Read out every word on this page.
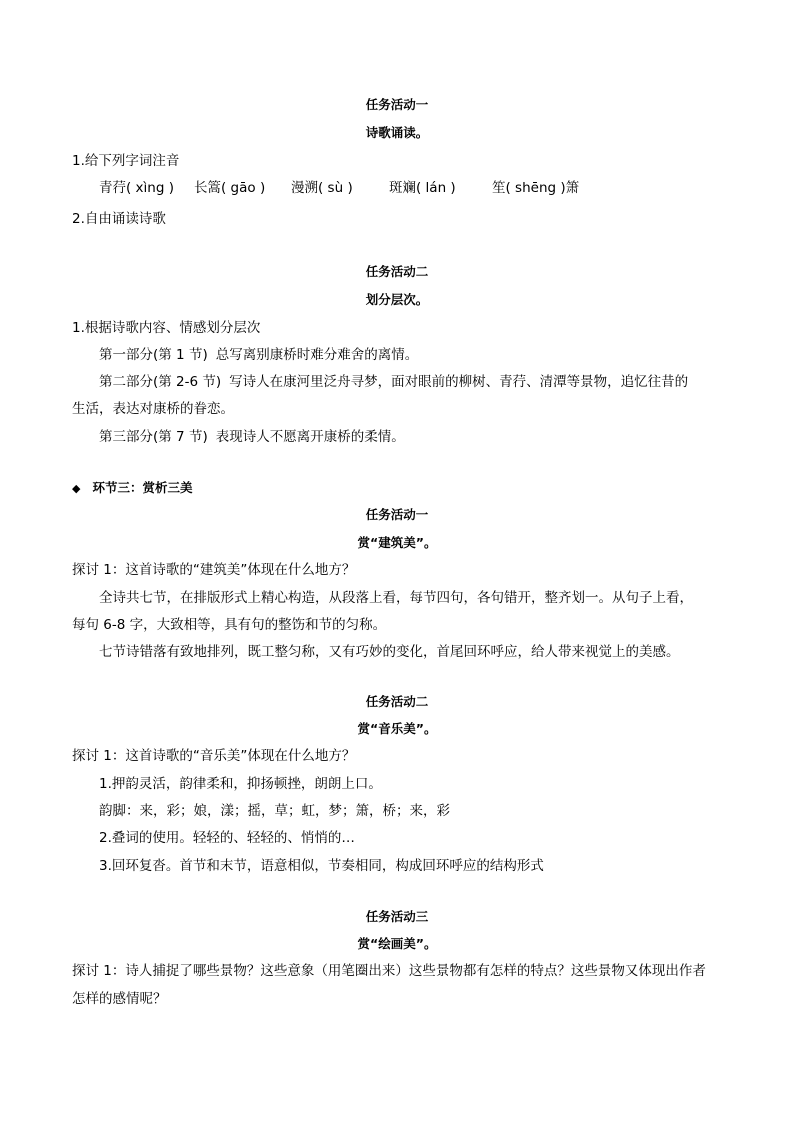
任务活动一
诗歌诵读。
1.给下列字词注音
青荇( xìng ) 长篙( gāo ) 漫溯( sù )	斑斓( lán )	笙( shēng )箫
2.自由诵读诗歌
任务活动二
划分层次。
1.根据诗歌内容、情感划分层次
第一部分(第 1 节) 总写离别康桥时难分难舍的离情。
第二部分(第 2-6 节) 写诗人在康河里泛舟寻梦，面对眼前的柳树、青荇、清潭等景物，追忆往昔的
生活，表达对康桥的眷恋。
第三部分(第 7 节) 表现诗人不愿离开康桥的柔情。
◆ 环节三：赏析三美
任务活动一
赏“建筑美”。
探讨 1：这首诗歌的“建筑美”体现在什么地方？
全诗共七节，在排版形式上精心构造，从段落上看，每节四句，各句错开，整齐划一。从句子上看，
每句 6-8 字，大致相等，具有句的整饬和节的匀称。
七节诗错落有致地排列，既工整匀称，又有巧妙的变化，首尾回环呼应，给人带来视觉上的美感。
任务活动二
赏“音乐美”。
探讨 1：这首诗歌的“音乐美”体现在什么地方？
1.押韵灵活，韵律柔和，抑扬顿挫，朗朗上口。
韵脚：来，彩；娘，漾；摇，草；虹，梦；箫，桥；来，彩
2.叠词的使用。轻轻的、轻轻的、悄悄的…
3.回环复沓。首节和末节，语意相似，节奏相同，构成回环呼应的结构形式
任务活动三
赏“绘画美”。
探讨 1：诗人捕捉了哪些景物？这些意象（用笔圈出来）这些景物都有怎样的特点？这些景物又体现出作者
怎样的感情呢？
